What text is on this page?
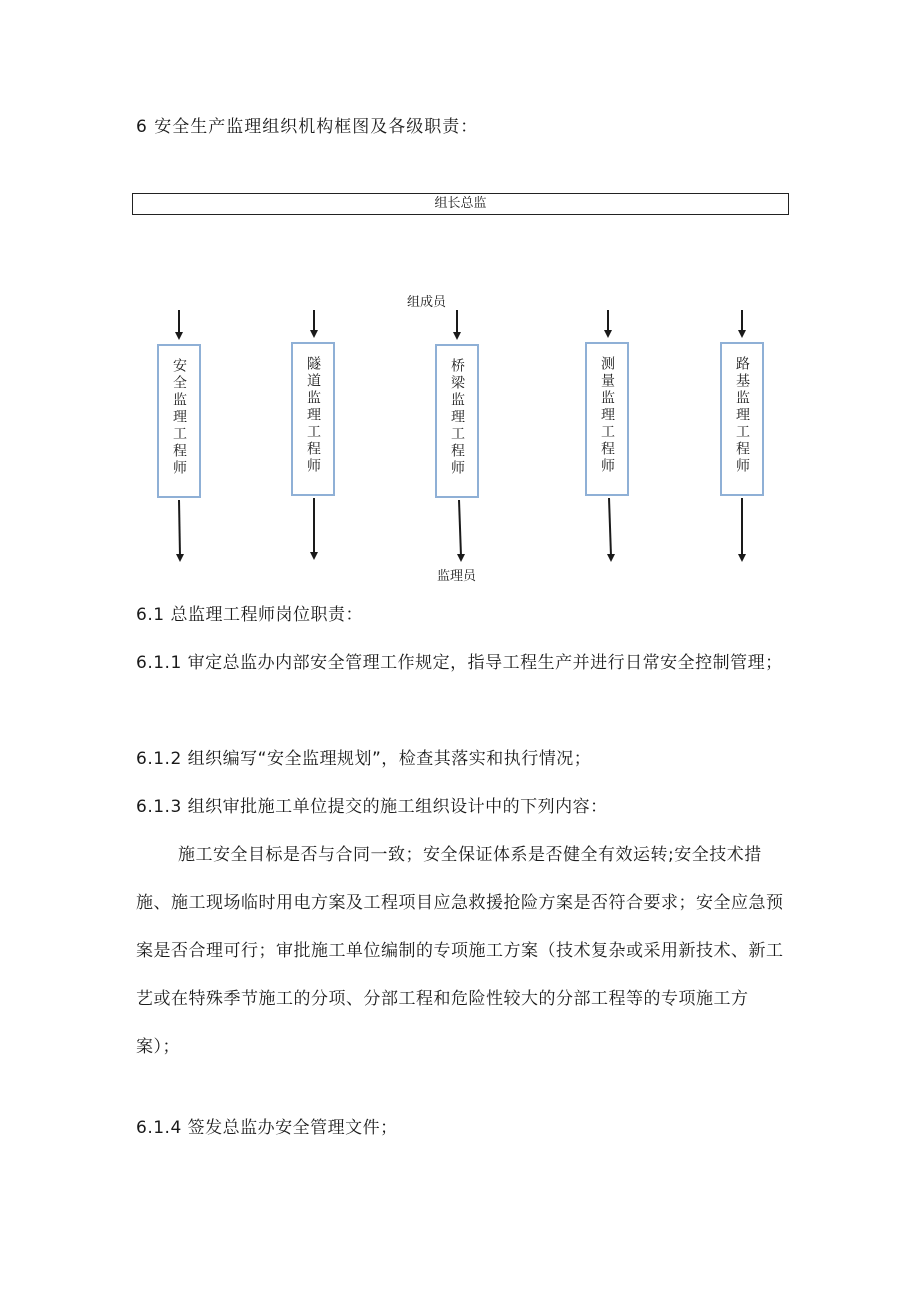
6 安全生产监理组织机构框图及各级职责：
组长总监
组成员
安全监理工程师	隧道监理工程师	桥梁监理工程师	测量监理工程师	路基监理工程师
监理员
6.1 总监理工程师岗位职责：
6.1.1 审定总监办内部安全管理工作规定，指导工程生产并进行日常安全控制管理；
6.1.2 组织编写“安全监理规划”，检查其落实和执行情况；
6.1.3 组织审批施工单位提交的施工组织设计中的下列内容：
施工安全目标是否与合同一致；安全保证体系是否健全有效运转;安全技术措施、施工现场临时用电方案及工程项目应急救援抢险方案是否符合要求；安全应急预案是否合理可行；审批施工单位编制的专项施工方案（技术复杂或采用新技术、新工艺或在特殊季节施工的分项、分部工程和危险性较大的分部工程等的专项施工方案）；
6.1.4 签发总监办安全管理文件；
